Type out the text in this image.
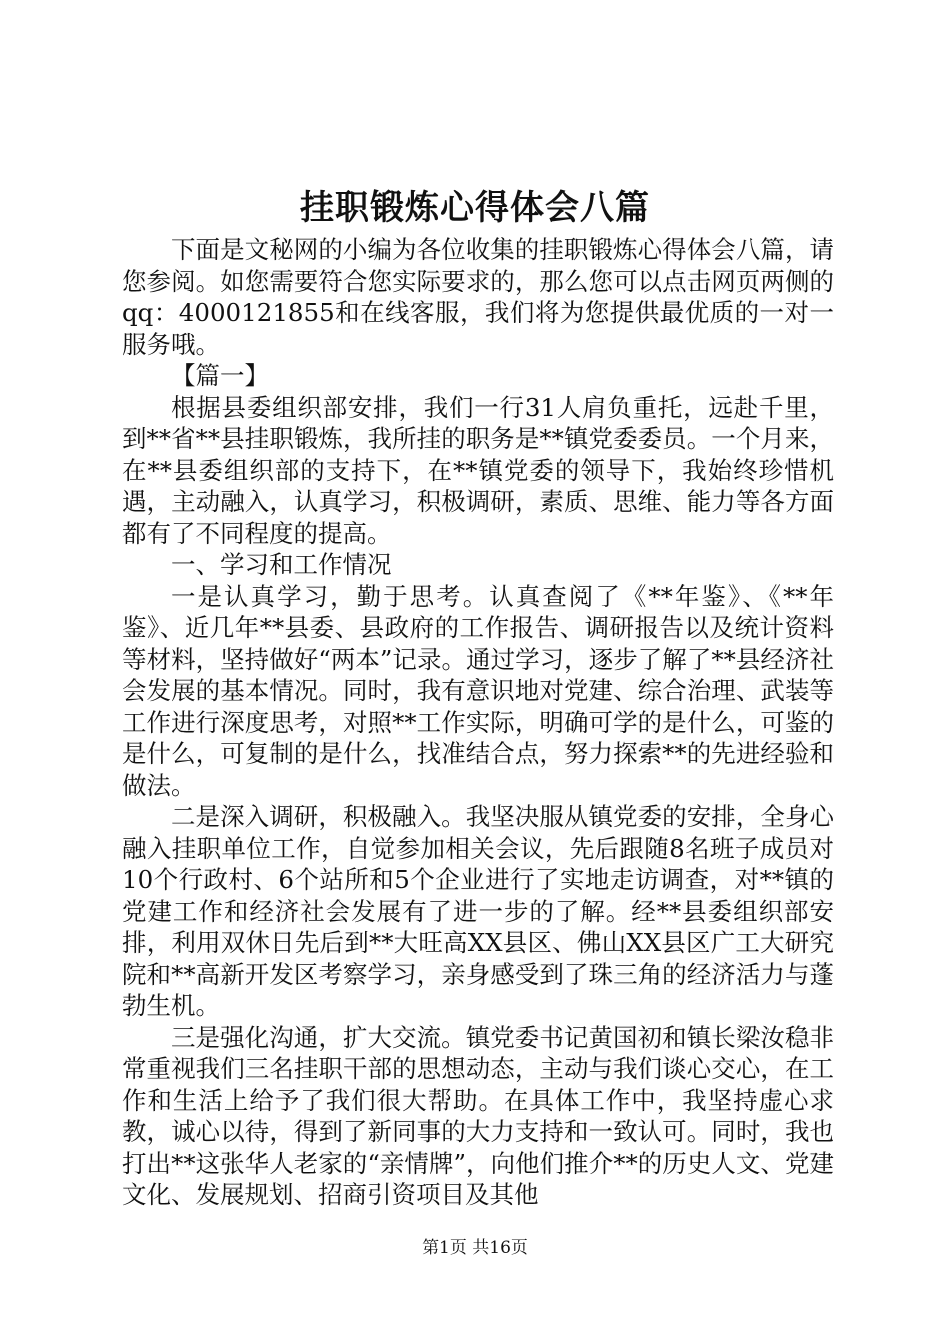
挂职锻炼心得体会八篇

下面是文秘网的小编为各位收集的挂职锻炼心得体会八篇，请您参阅。如您需要符合您实际要求的，那么您可以点击网页两侧的qq：4000121855和在线客服，我们将为您提供最优质的一对一服务哦。

【篇一】

根据县委组织部安排，我们一行31人肩负重托，远赴千里，到**省**县挂职锻炼，我所挂的职务是**镇党委委员。一个月来，在**县委组织部的支持下，在**镇党委的领导下，我始终珍惜机遇，主动融入，认真学习，积极调研，素质、思维、能力等各方面都有了不同程度的提高。

一、学习和工作情况

一是认真学习，勤于思考。认真查阅了《**年鉴》、《**年鉴》、近几年**县委、县政府的工作报告、调研报告以及统计资料等材料，坚持做好“两本”记录。通过学习，逐步了解了**县经济社会发展的基本情况。同时，我有意识地对党建、综合治理、武装等工作进行深度思考，对照**工作实际，明确可学的是什么，可鉴的是什么，可复制的是什么，找准结合点，努力探索**的先进经验和做法。

二是深入调研，积极融入。我坚决服从镇党委的安排，全身心融入挂职单位工作，自觉参加相关会议，先后跟随8名班子成员对10个行政村、6个站所和5个企业进行了实地走访调查，对**镇的党建工作和经济社会发展有了进一步的了解。经**县委组织部安排，利用双休日先后到**大旺高XX县区、佛山XX县区广工大研究院和**高新开发区考察学习，亲身感受到了珠三角的经济活力与蓬勃生机。

三是强化沟通，扩大交流。镇党委书记黄国初和镇长梁汝稳非常重视我们三名挂职干部的思想动态，主动与我们谈心交心，在工作和生活上给予了我们很大帮助。在具体工作中，我坚持虚心求教，诚心以待，得到了新同事的大力支持和一致认可。同时，我也打出**这张华人老家的“亲情牌”，向他们推介**的历史人文、党建文化、发展规划、招商引资项目及其他

第1页 共16页
